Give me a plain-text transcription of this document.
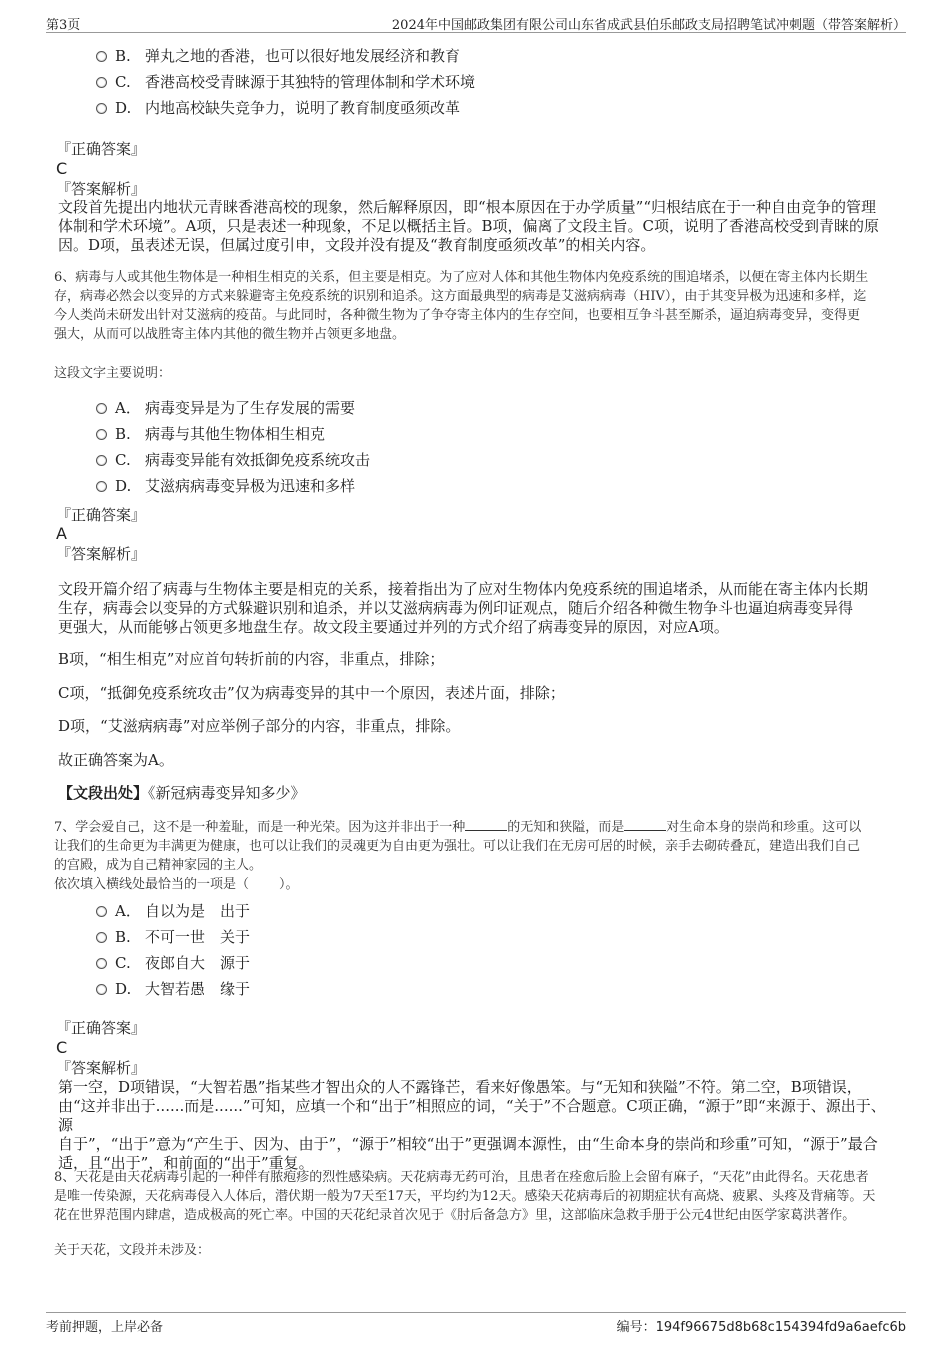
第3页	2024年中国邮政集团有限公司山东省成武县伯乐邮政支局招聘笔试冲刺题（带答案解析）
B. 弹丸之地的香港，也可以很好地发展经济和教育
C. 香港高校受青睐源于其独特的管理体制和学术环境
D. 内地高校缺失竞争力，说明了教育制度亟须改革
『正确答案』
C
『答案解析』
文段首先提出内地状元青睐香港高校的现象，然后解释原因，即“根本原因在于办学质量”“归根结底在于一种自由竞争的管理
体制和学术环境”。A项，只是表述一种现象，不足以概括主旨。B项，偏离了文段主旨。C项，说明了香港高校受到青睐的原
因。D项，虽表述无误，但属过度引申，文段并没有提及“教育制度亟须改革”的相关内容。
6、病毒与人或其他生物体是一种相生相克的关系，但主要是相克。为了应对人体和其他生物体内免疫系统的围追堵杀，以便在寄主体内长期生
存，病毒必然会以变异的方式来躲避寄主免疫系统的识别和追杀。这方面最典型的病毒是艾滋病病毒（HIV），由于其变异极为迅速和多样，迄
今人类尚未研发出针对艾滋病的疫苗。与此同时，各种微生物为了争夺寄主体内的生存空间，也要相互争斗甚至厮杀，逼迫病毒变异，变得更
强大，从而可以战胜寄主体内其他的微生物并占领更多地盘。
这段文字主要说明：
A． 病毒变异是为了生存发展的需要
B. 病毒与其他生物体相生相克
C. 病毒变异能有效抵御免疫系统攻击
D. 艾滋病病毒变异极为迅速和多样
『正确答案』
A
『答案解析』
文段开篇介绍了病毒与生物体主要是相克的关系，接着指出为了应对生物体内免疫系统的围追堵杀，从而能在寄主体内长期
生存，病毒会以变异的方式躲避识别和追杀，并以艾滋病病毒为例印证观点，随后介绍各种微生物争斗也逼迫病毒变异得
更强大，从而能够占领更多地盘生存。故文段主要通过并列的方式介绍了病毒变异的原因，对应A项。
B项，“相生相克”对应首句转折前的内容，非重点，排除；
C项，“抵御免疫系统攻击”仅为病毒变异的其中一个原因，表述片面，排除；
D项，“艾滋病病毒”对应举例子部分的内容，非重点，排除。
故正确答案为A。
【文段出处】《新冠病毒变异知多少》
7、学会爱自己，这不是一种羞耻，而是一种光荣。因为这并非出于一种	的无知和狭隘，而是	对生命本身的崇尚和珍重。这可以
让我们的生命更为丰满更为健康，也可以让我们的灵魂更为自由更为强壮。可以让我们在无房可居的时候，亲手去砌砖叠瓦，建造出我们自己
的宫殿，成为自己精神家园的主人。
依次填入横线处最恰当的一项是（ ）。
A． 自以为是　出于
B. 不可一世　关于
C. 夜郎自大　源于
D. 大智若愚　缘于
『正确答案』
C
『答案解析』
第一空，D项错误，“大智若愚”指某些才智出众的人不露锋芒，看来好像愚笨。与“无知和狭隘”不符。第二空，B项错误，
由“这并非出于......而是......”可知，应填一个和“出于”相照应的词，“关于”不合题意。C项正确，“源于”即“来源于、源出于、源
自于”，“出于”意为“产生于、因为、由于”，“源于”相较“出于”更强调本源性，由“生命本身的崇尚和珍重”可知，“源于”最合
适，且“出于”，和前面的“出于”重复。
8、天花是由天花病毒引起的一种伴有脓疱疹的烈性感染病。天花病毒无药可治，且患者在痊愈后脸上会留有麻子，“天花”由此得名。天花患者
是唯一传染源，天花病毒侵入人体后，潜伏期一般为7天至17天，平均约为12天。感染天花病毒后的初期症状有高烧、疲累、头疼及背痛等。天
花在世界范围内肆虐，造成极高的死亡率。中国的天花纪录首次见于《肘后备急方》里，这部临床急救手册于公元4世纪由医学家葛洪著作。
关于天花，文段并未涉及：
考前押题，上岸必备	编号：194f96675d8b68c154394fd9a6aefc6b
